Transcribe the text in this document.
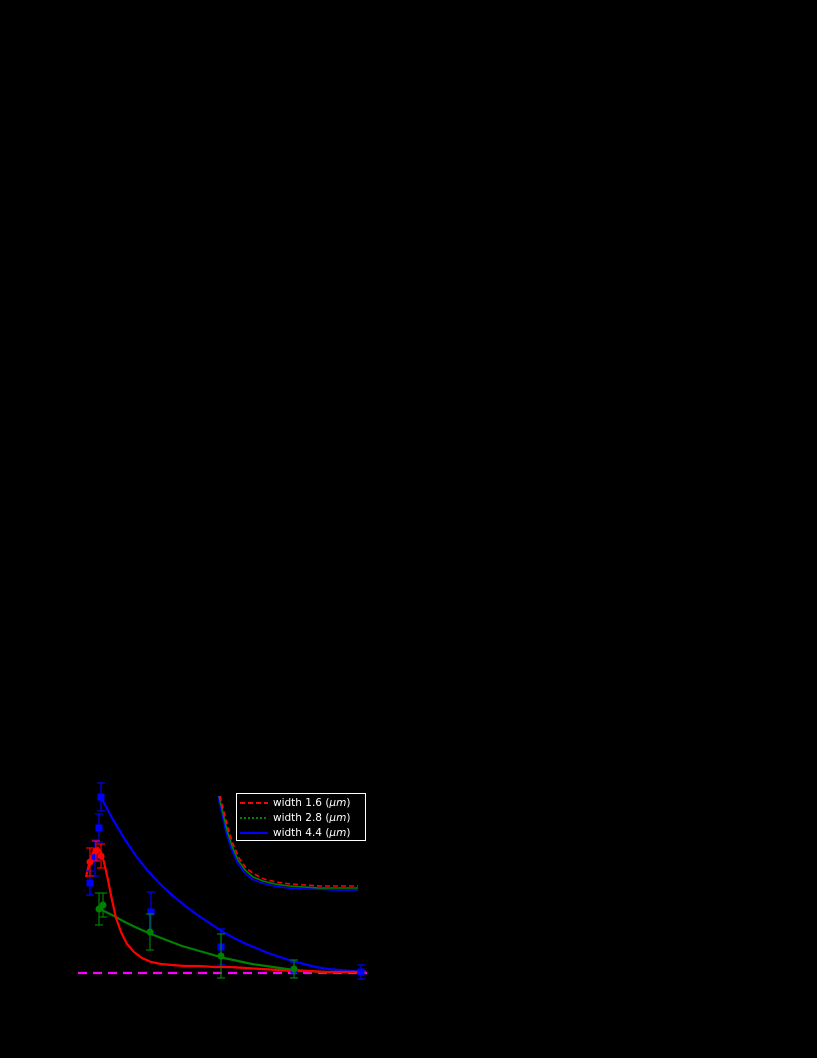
width 1.6 (μm)
width 2.8 (μm)
width 4.4 (μm)
